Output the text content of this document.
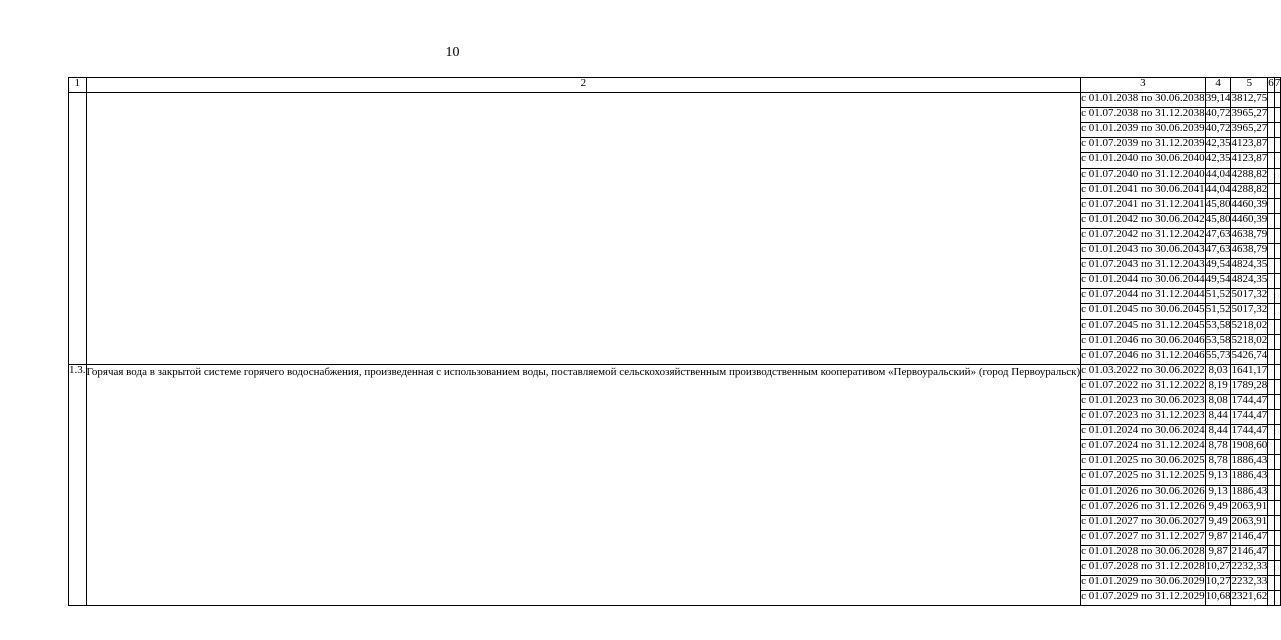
10
1	2	3	4	5	6	7
		с 01.01.2038 по 30.06.2038	39,14	3812,75		
		с 01.07.2038 по 31.12.2038	40,72	3965,27		
		с 01.01.2039 по 30.06.2039	40,72	3965,27		
		с 01.07.2039 по 31.12.2039	42,35	4123,87		
		с 01.01.2040 по 30.06.2040	42,35	4123,87		
		с 01.07.2040 по 31.12.2040	44,04	4288,82		
		с 01.01.2041 по 30.06.2041	44,04	4288,82		
		с 01.07.2041 по 31.12.2041	45,80	4460,39		
		с 01.01.2042 по 30.06.2042	45,80	4460,39		
		с 01.07.2042 по 31.12.2042	47,63	4638,79		
		с 01.01.2043 по 30.06.2043	47,63	4638,79		
		с 01.07.2043 по 31.12.2043	49,54	4824,35		
		с 01.01.2044 по 30.06.2044	49,54	4824,35		
		с 01.07.2044 по 31.12.2044	51,52	5017,32		
		с 01.01.2045 по 30.06.2045	51,52	5017,32		
		с 01.07.2045 по 31.12.2045	53,58	5218,02		
		с 01.01.2046 по 30.06.2046	53,58	5218,02		
		с 01.07.2046 по 31.12.2046	55,73	5426,74		
1.3.	Горячая вода в закрытой системе горячего водоснабжения, произведенная с использованием воды, поставляемой сельскохозяйственным производственным кооперативом «Первоуральский» (город Первоуральск)	с 01.03.2022 по 30.06.2022	8,03	1641,17		
		с 01.07.2022 по 31.12.2022	8,19	1789,28		
		с 01.01.2023 по 30.06.2023	8,08	1744,47		
		с 01.07.2023 по 31.12.2023	8,44	1744,47		
		с 01.01.2024 по 30.06.2024	8,44	1744,47		
		с 01.07.2024 по 31.12.2024	8,78	1908,60		
		с 01.01.2025 по 30.06.2025	8,78	1886,43		
		с 01.07.2025 по 31.12.2025	9,13	1886,43		
		с 01.01.2026 по 30.06.2026	9,13	1886,43		
		с 01.07.2026 по 31.12.2026	9,49	2063,91		
		с 01.01.2027 по 30.06.2027	9,49	2063,91		
		с 01.07.2027 по 31.12.2027	9,87	2146,47		
		с 01.01.2028 по 30.06.2028	9,87	2146,47		
		с 01.07.2028 по 31.12.2028	10,27	2232,33		
		с 01.01.2029 по 30.06.2029	10,27	2232,33		
		с 01.07.2029 по 31.12.2029	10,68	2321,62		
